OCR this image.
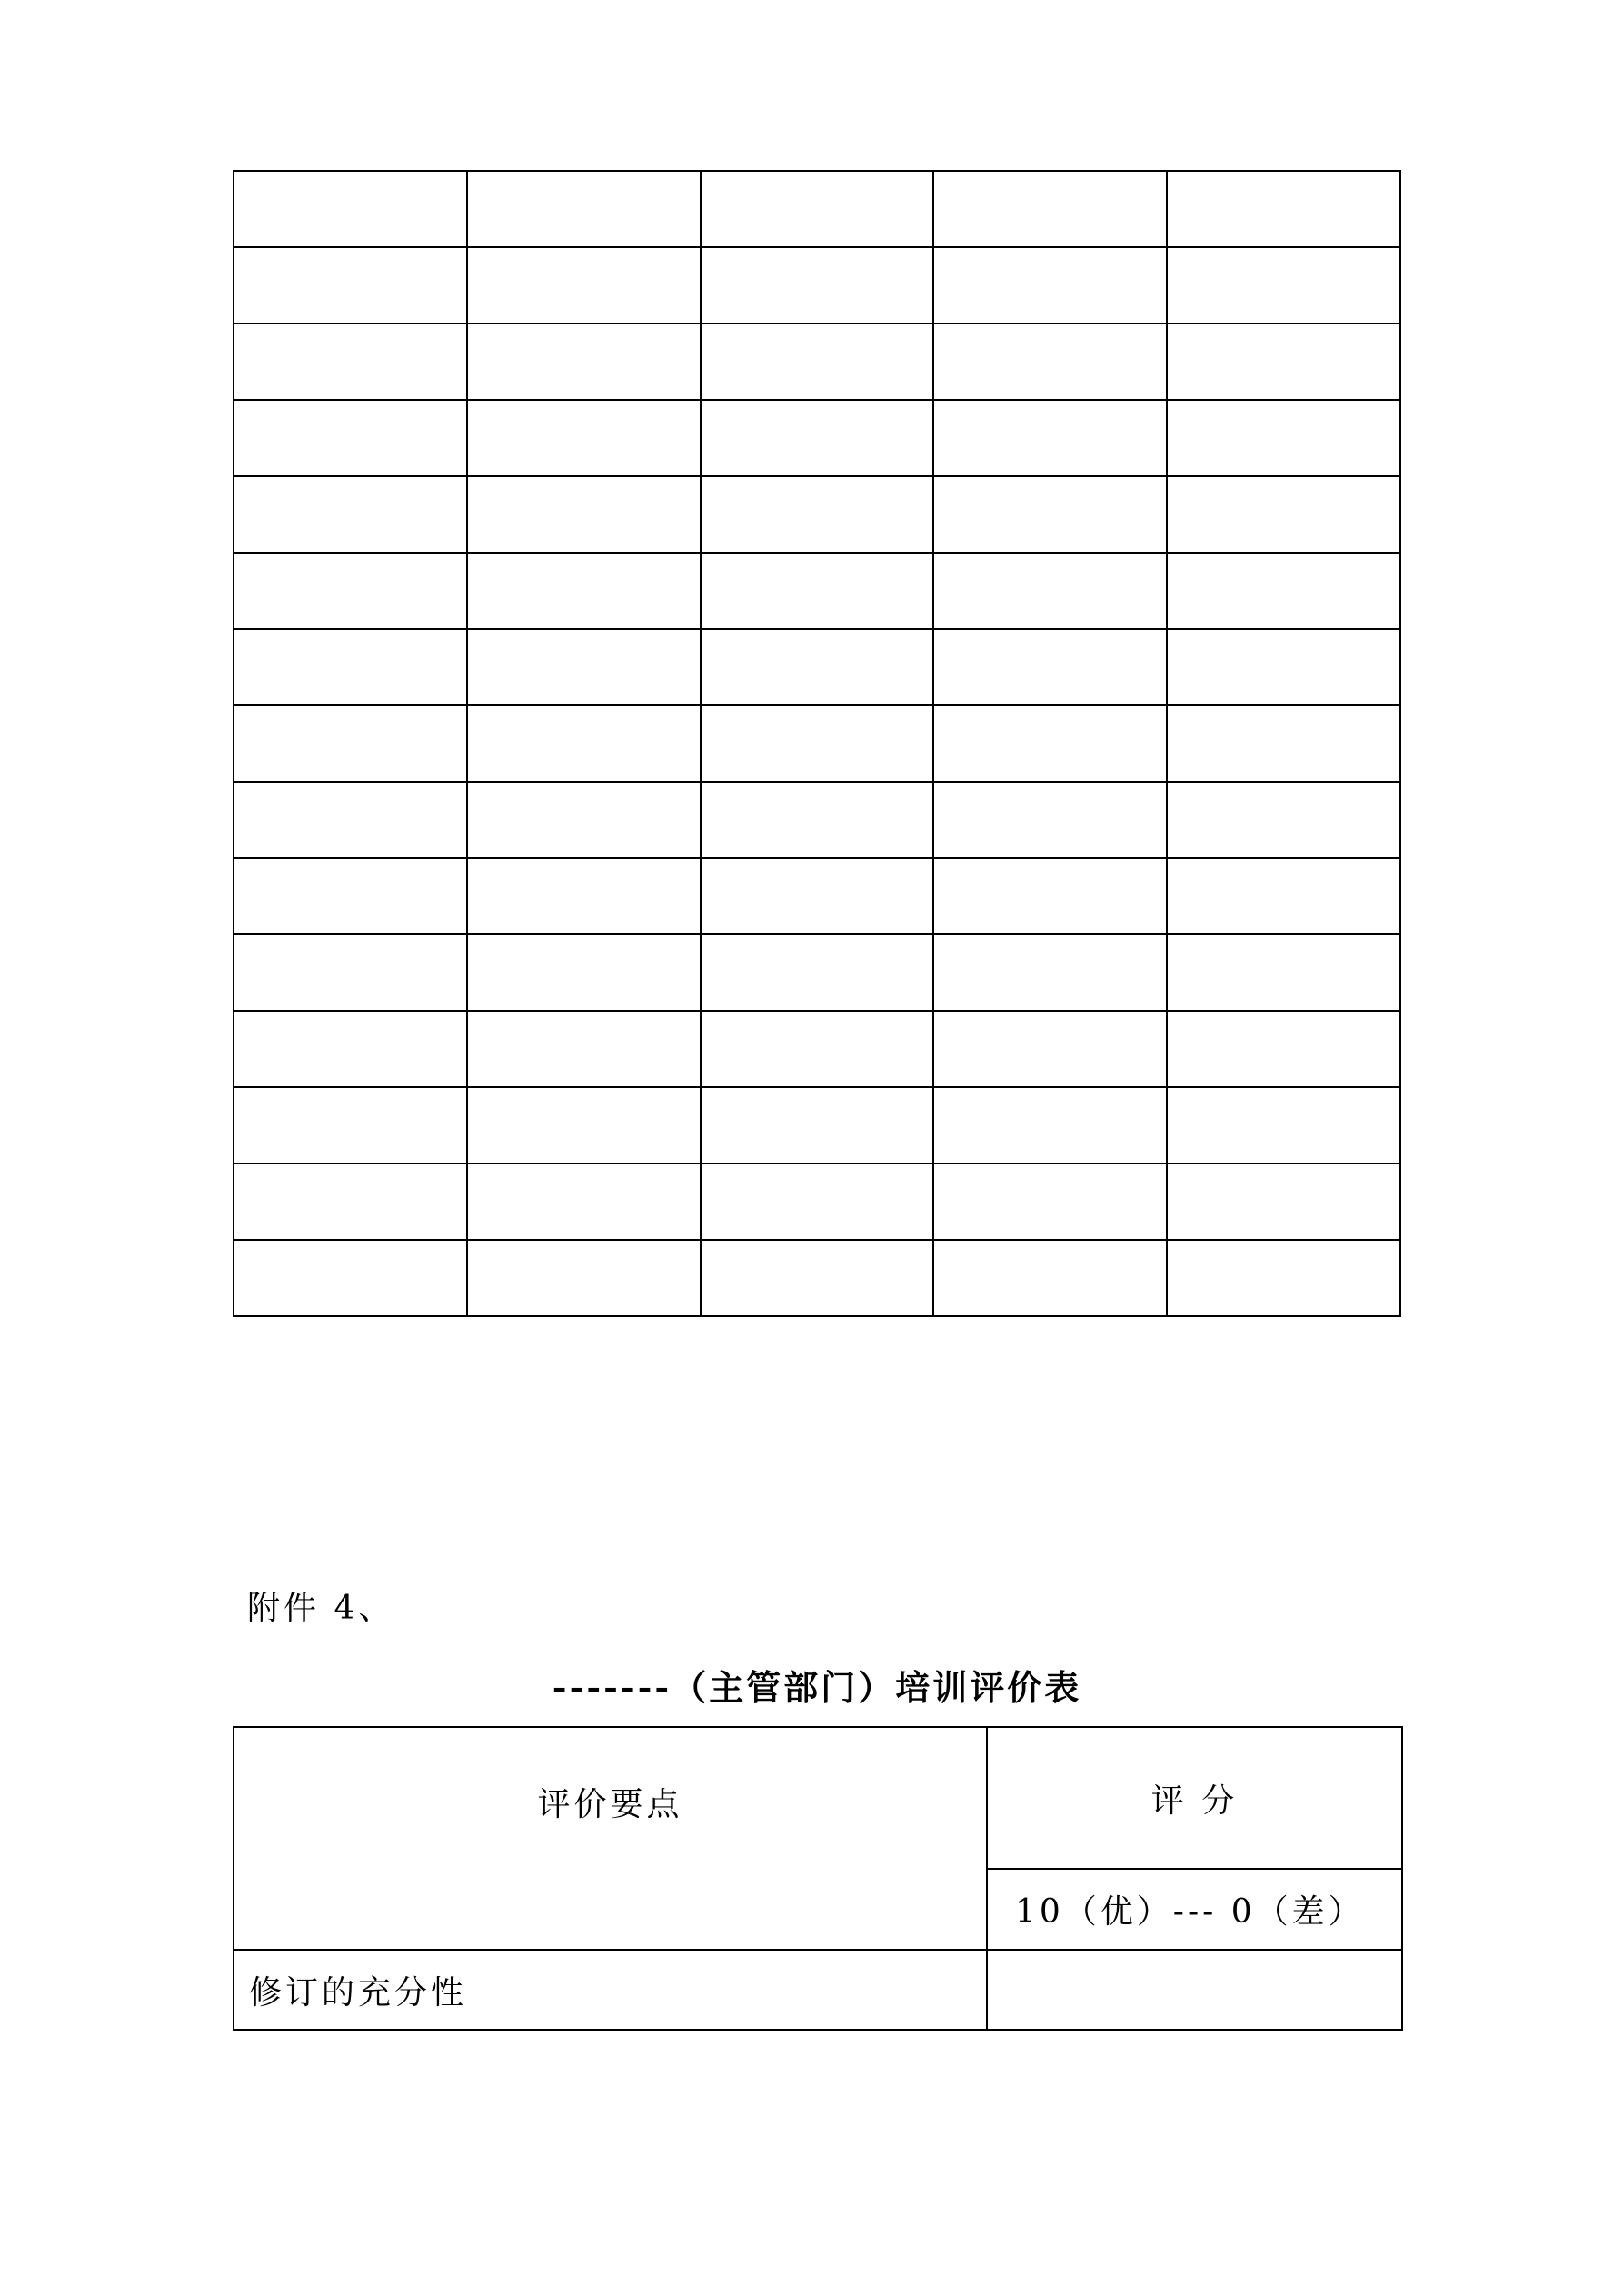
附件 4、
-------（主管部门）培训评价表
评价要点	评 分
	10（优）--- 0（差）
修订的充分性	
